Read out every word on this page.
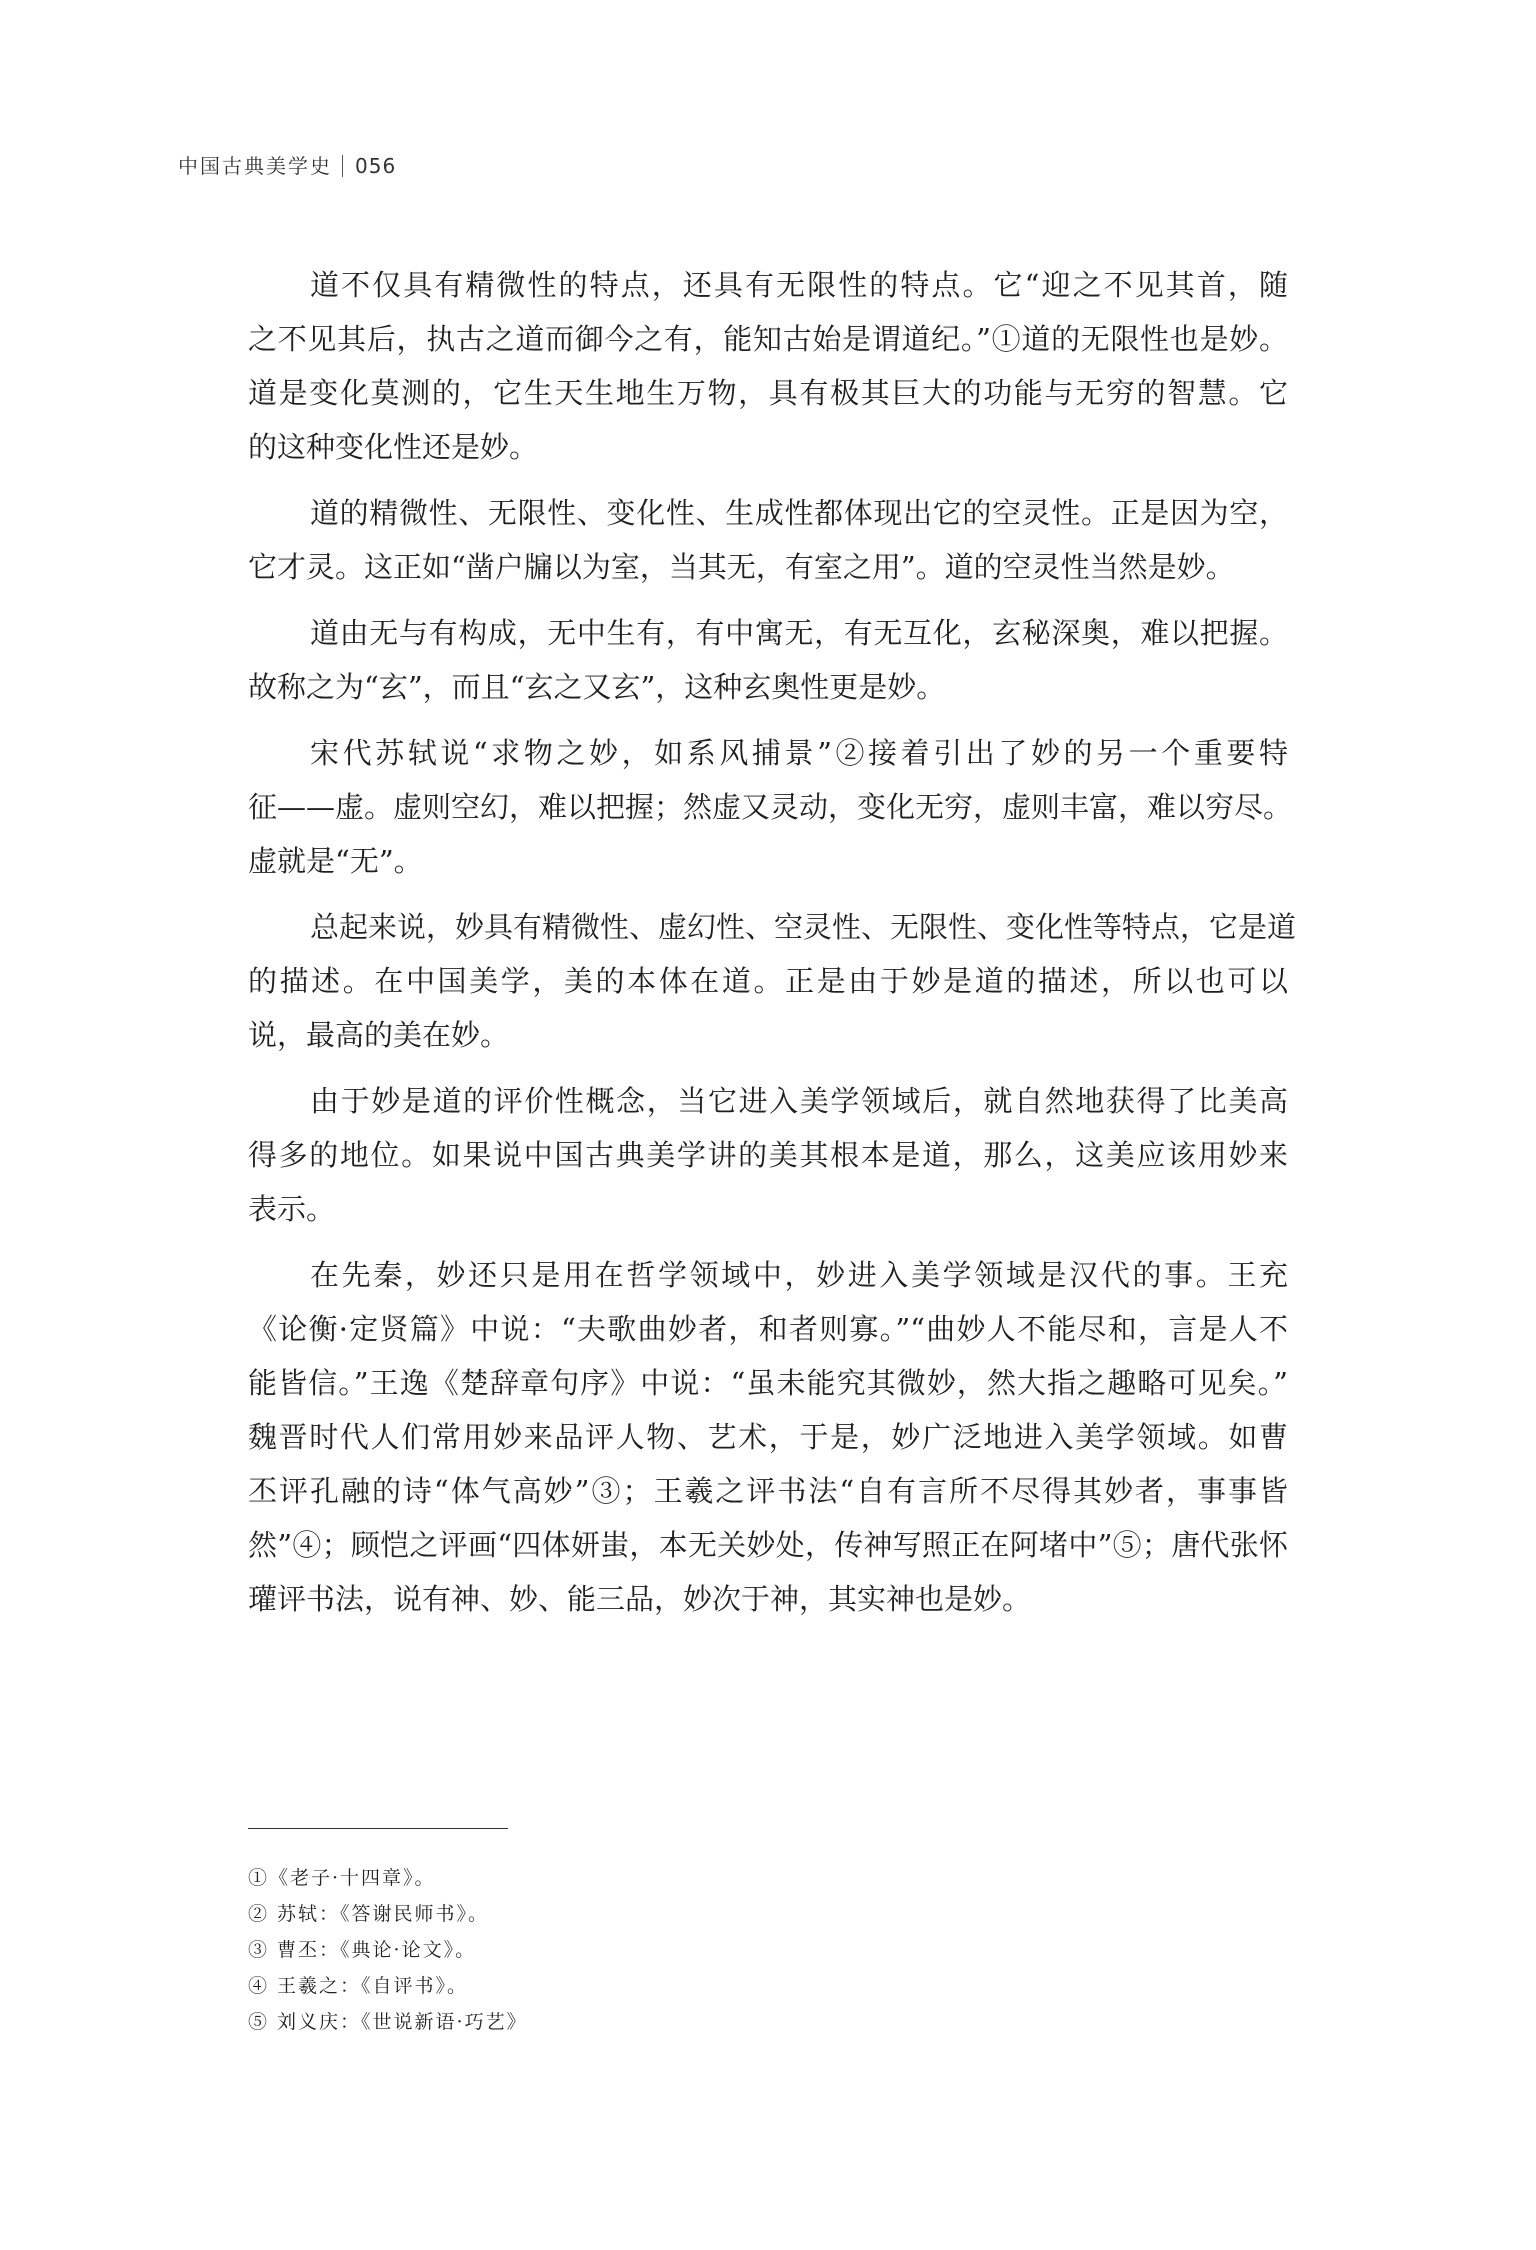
中国古典美学史 056
道不仅具有精微性的特点，还具有无限性的特点。它“迎之不见其首，随
之不见其后，执古之道而御今之有，能知古始是谓道纪。”①道的无限性也是妙。
道是变化莫测的，它生天生地生万物，具有极其巨大的功能与无穷的智慧。它
的这种变化性还是妙。
道的精微性、无限性、变化性、生成性都体现出它的空灵性。正是因为空，
它才灵。这正如“凿户牖以为室，当其无，有室之用”。道的空灵性当然是妙。
道由无与有构成，无中生有，有中寓无，有无互化，玄秘深奥，难以把握。
故称之为“玄”，而且“玄之又玄”，这种玄奥性更是妙。
宋代苏轼说“求物之妙，如系风捕景”②接着引出了妙的另一个重要特
征——虚。虚则空幻，难以把握；然虚又灵动，变化无穷，虚则丰富，难以穷尽。
虚就是“无”。
总起来说，妙具有精微性、虚幻性、空灵性、无限性、变化性等特点，它是道
的描述。在中国美学，美的本体在道。正是由于妙是道的描述，所以也可以
说，最高的美在妙。
由于妙是道的评价性概念，当它进入美学领域后，就自然地获得了比美高
得多的地位。如果说中国古典美学讲的美其根本是道，那么，这美应该用妙来
表示。
在先秦，妙还只是用在哲学领域中，妙进入美学领域是汉代的事。王充
《论衡·定贤篇》中说：“夫歌曲妙者，和者则寡。”“曲妙人不能尽和，言是人不
能皆信。”王逸《楚辞章句序》中说：“虽未能究其微妙，然大指之趣略可见矣。”
魏晋时代人们常用妙来品评人物、艺术，于是，妙广泛地进入美学领域。如曹
丕评孔融的诗“体气高妙”③；王羲之评书法“自有言所不尽得其妙者，事事皆
然”④；顾恺之评画“四体妍蚩，本无关妙处，传神写照正在阿堵中”⑤；唐代张怀
瓘评书法，说有神、妙、能三品，妙次于神，其实神也是妙。
①《老子·十四章》。
② 苏轼：《答谢民师书》。
③ 曹丕：《典论·论文》。
④ 王羲之：《自评书》。
⑤ 刘义庆：《世说新语·巧艺》
